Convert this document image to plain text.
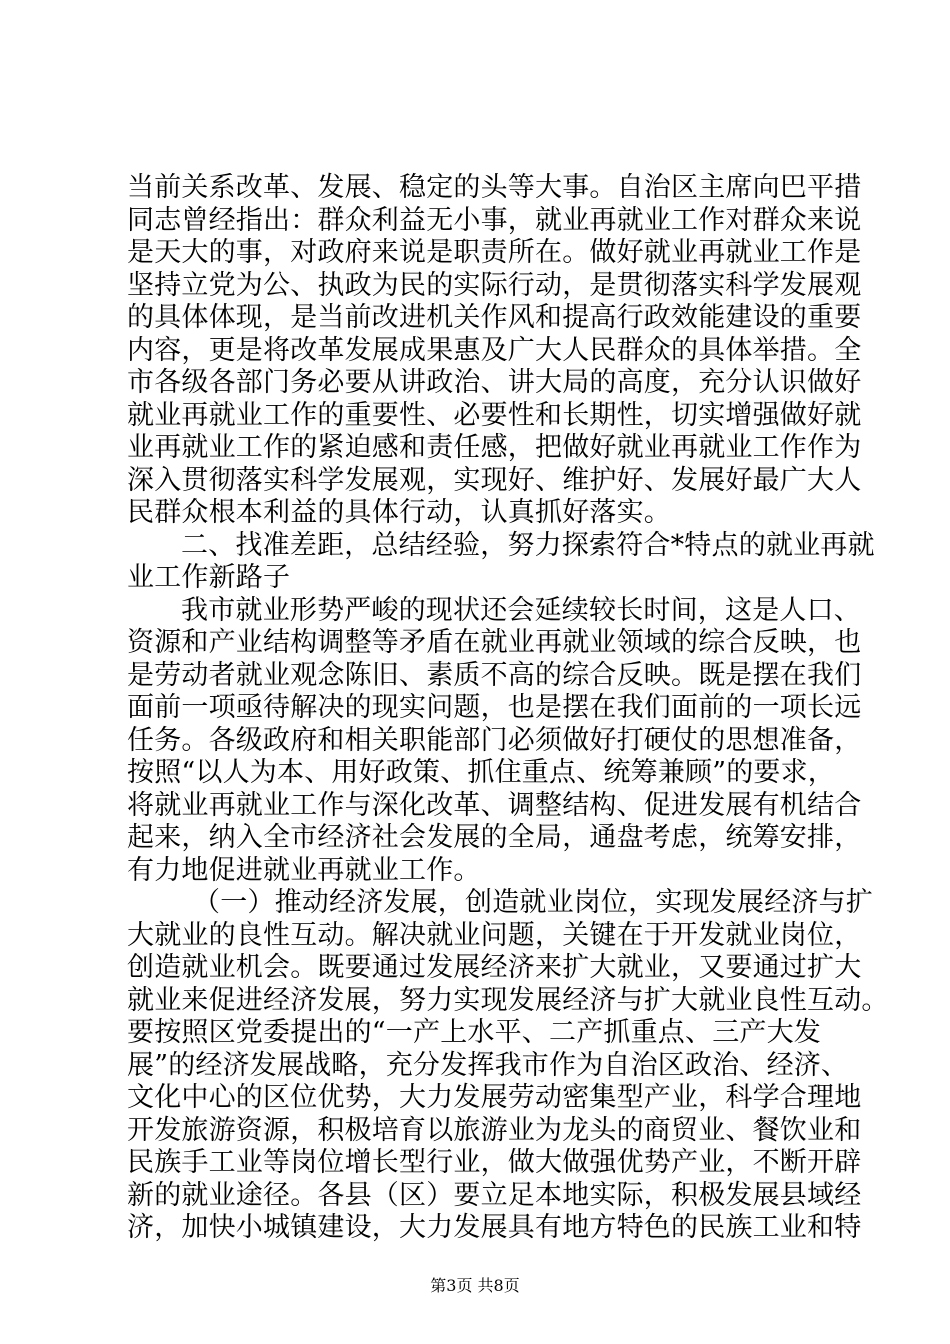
当前关系改革、发展、稳定的头等大事。自治区主席向巴平措
同志曾经指出：群众利益无小事，就业再就业工作对群众来说
是天大的事，对政府来说是职责所在。做好就业再就业工作是
坚持立党为公、执政为民的实际行动，是贯彻落实科学发展观
的具体体现，是当前改进机关作风和提高行政效能建设的重要
内容，更是将改革发展成果惠及广大人民群众的具体举措。全
市各级各部门务必要从讲政治、讲大局的高度，充分认识做好
就业再就业工作的重要性、必要性和长期性，切实增强做好就
业再就业工作的紧迫感和责任感，把做好就业再就业工作作为
深入贯彻落实科学发展观，实现好、维护好、发展好最广大人
民群众根本利益的具体行动，认真抓好落实。
二、找准差距，总结经验，努力探索符合*特点的就业再就
业工作新路子
我市就业形势严峻的现状还会延续较长时间，这是人口、
资源和产业结构调整等矛盾在就业再就业领域的综合反映，也
是劳动者就业观念陈旧、素质不高的综合反映。既是摆在我们
面前一项亟待解决的现实问题，也是摆在我们面前的一项长远
任务。各级政府和相关职能部门必须做好打硬仗的思想准备，
按照“以人为本、用好政策、抓住重点、统筹兼顾”的要求，
将就业再就业工作与深化改革、调整结构、促进发展有机结合
起来，纳入全市经济社会发展的全局，通盘考虑，统筹安排，
有力地促进就业再就业工作。
（一）推动经济发展，创造就业岗位，实现发展经济与扩
大就业的良性互动。解决就业问题，关键在于开发就业岗位，
创造就业机会。既要通过发展经济来扩大就业，又要通过扩大
就业来促进经济发展，努力实现发展经济与扩大就业良性互动。
要按照区党委提出的“一产上水平、二产抓重点、三产大发
展”的经济发展战略，充分发挥我市作为自治区政治、经济、
文化中心的区位优势，大力发展劳动密集型产业，科学合理地
开发旅游资源，积极培育以旅游业为龙头的商贸业、餐饮业和
民族手工业等岗位增长型行业，做大做强优势产业，不断开辟
新的就业途径。各县（区）要立足本地实际，积极发展县域经
济，加快小城镇建设，大力发展具有地方特色的民族工业和特
第3页 共8页
